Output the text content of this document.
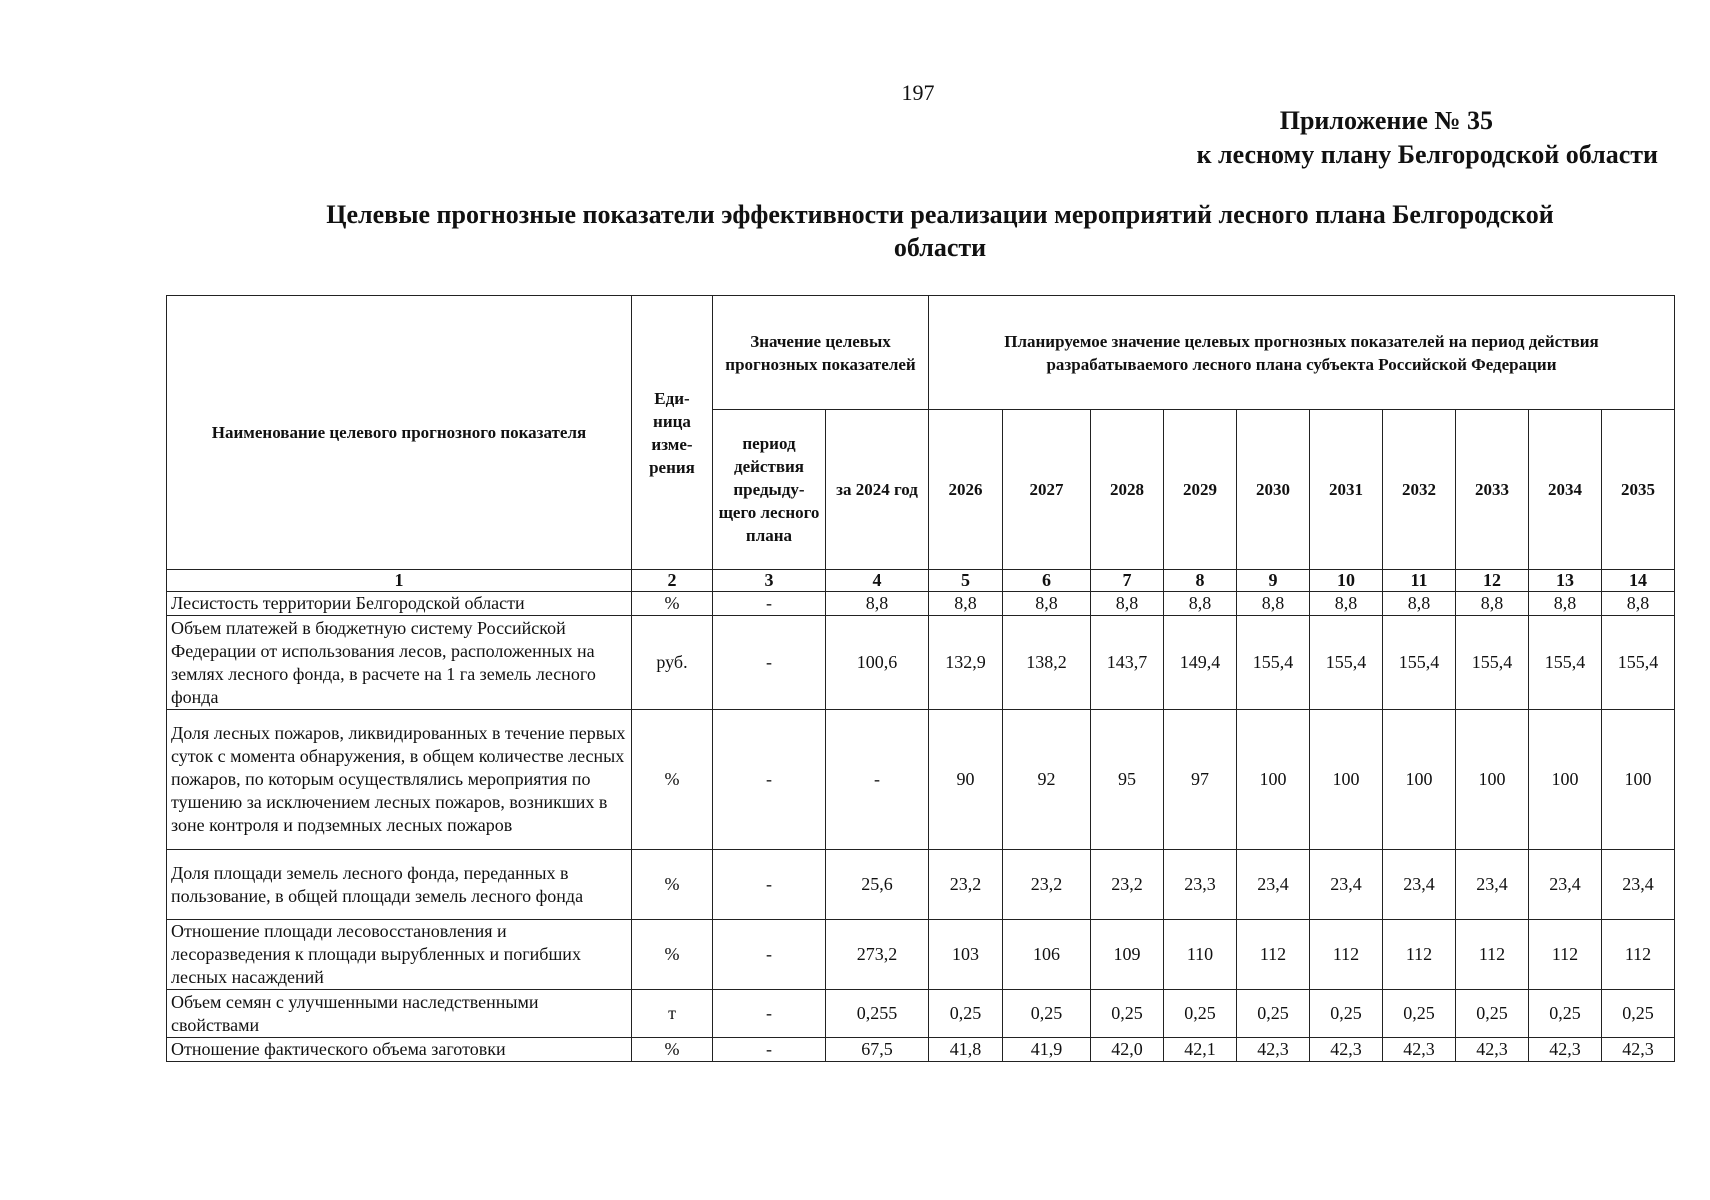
197
Приложение № 35
к лесному плану Белгородской области
Целевые прогнозные показатели эффективности реализации мероприятий лесного плана Белгородской
области
Наименование целевого прогнозного показателя	Еди-ница изме-рения	Значение целевых прогнозных показателей		Планируемое значение целевых прогнозных показателей на период действия разрабатываемого лесного плана субъекта Российской Федерации									
		период действия предыду-щего лесного плана	за 2024 год	2026	2027	2028	2029	2030	2031	2032	2033	2034	2035
1	2	3	4	5	6	7	8	9	10	11	12	13	14
Лесистость территории Белгородской области	%	-	8,8	8,8	8,8	8,8	8,8	8,8	8,8	8,8	8,8	8,8	8,8
Объем платежей в бюджетную систему Российской Федерации от использования лесов, расположенных на землях лесного фонда, в расчете на 1 га земель лесного фонда	руб.	-	100,6	132,9	138,2	143,7	149,4	155,4	155,4	155,4	155,4	155,4	155,4
Доля лесных пожаров, ликвидированных в течение первых суток с момента обнаружения, в общем количестве лесных пожаров, по которым осуществлялись мероприятия по тушению за исключением лесных пожаров, возникших в зоне контроля и подземных лесных пожаров	%	-	-	90	92	95	97	100	100	100	100	100	100
Доля площади земель лесного фонда, переданных в пользование, в общей площади земель лесного фонда	%	-	25,6	23,2	23,2	23,2	23,3	23,4	23,4	23,4	23,4	23,4	23,4
Отношение площади лесовосстановления и лесоразведения к площади вырубленных и погибших лесных насаждений	%	-	273,2	103	106	109	110	112	112	112	112	112	112
Объем семян с улучшенными наследственными свойствами	т	-	0,255	0,25	0,25	0,25	0,25	0,25	0,25	0,25	0,25	0,25	0,25
Отношение фактического объема заготовки	%	-	67,5	41,8	41,9	42,0	42,1	42,3	42,3	42,3	42,3	42,3	42,3
